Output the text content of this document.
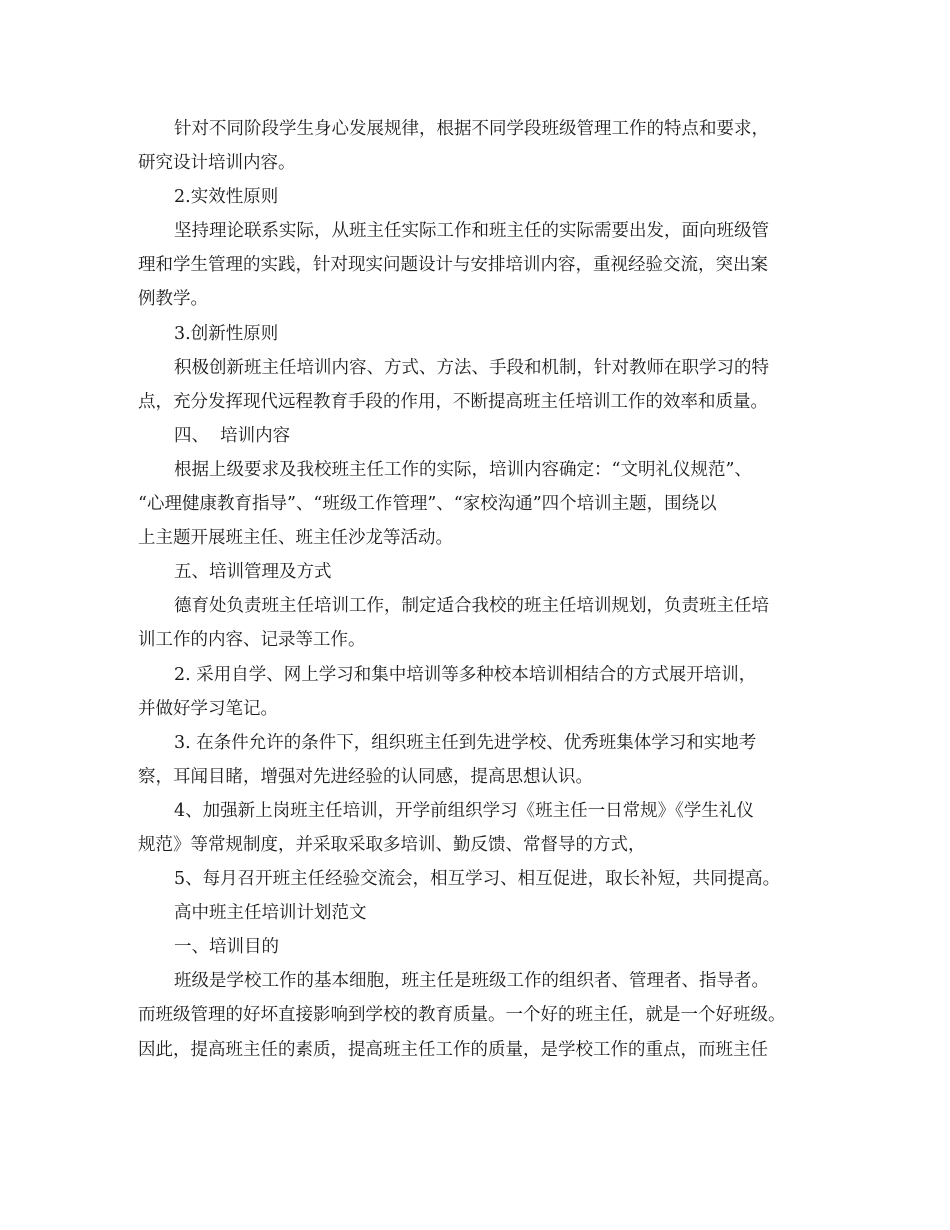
针对不同阶段学生身心发展规律，根据不同学段班级管理工作的特点和要求，
研究设计培训内容。
2.实效性原则
坚持理论联系实际，从班主任实际工作和班主任的实际需要出发，面向班级管
理和学生管理的实践，针对现实问题设计与安排培训内容，重视经验交流，突出案
例教学。
3.创新性原则
积极创新班主任培训内容、方式、方法、手段和机制，针对教师在职学习的特
点，充分发挥现代远程教育手段的作用，不断提高班主任培训工作的效率和质量。
四、  培训内容
根据上级要求及我校班主任工作的实际，培训内容确定：“文明礼仪规范”、
“心理健康教育指导”、“班级工作管理”、“家校沟通”四个培训主题，围绕以
上主题开展班主任、班主任沙龙等活动。
五、培训管理及方式
德育处负责班主任培训工作，制定适合我校的班主任培训规划，负责班主任培
训工作的内容、记录等工作。
2. 采用自学、网上学习和集中培训等多种校本培训相结合的方式展开培训，
并做好学习笔记。
3. 在条件允许的条件下，组织班主任到先进学校、优秀班集体学习和实地考
察，耳闻目睹，增强对先进经验的认同感，提高思想认识。
4、加强新上岗班主任培训，开学前组织学习《班主任一日常规》《学生礼仪
规范》等常规制度，并采取采取多培训、勤反馈、常督导的方式，
5、每月召开班主任经验交流会，相互学习、相互促进，取长补短，共同提高。
高中班主任培训计划范文
一、培训目的
班级是学校工作的基本细胞，班主任是班级工作的组织者、管理者、指导者。
而班级管理的好坏直接影响到学校的教育质量。一个好的班主任，就是一个好班级。
因此，提高班主任的素质，提高班主任工作的质量，是学校工作的重点，而班主任
